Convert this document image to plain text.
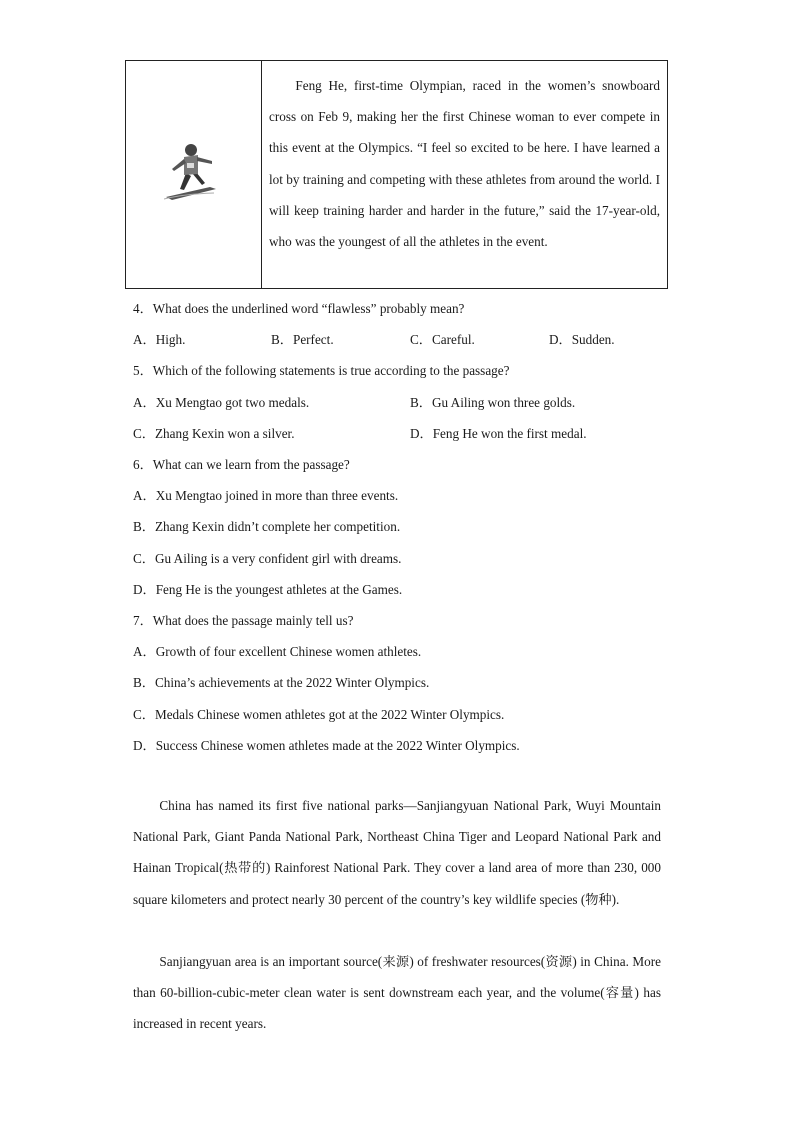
Feng He, first-time Olympian, raced in the women’s snowboard cross on Feb 9, making her the first Chinese woman to ever compete in this event at the Olympics. “I feel so excited to be here. I have learned a lot by training and competing with these athletes from around the world. I will keep training harder and harder in the future,” said the 17-year-old, who was the youngest of all the athletes in the event.

4．What does the underlined word “flawless” probably mean?
A．High.	B．Perfect.	C．Careful.	D．Sudden.
5．Which of the following statements is true according to the passage?
A．Xu Mengtao got two medals.	B．Gu Ailing won three golds.
C．Zhang Kexin won a silver.	D．Feng He won the first medal.
6．What can we learn from the passage?
A．Xu Mengtao joined in more than three events.
B．Zhang Kexin didn’t complete her competition.
C．Gu Ailing is a very confident girl with dreams.
D．Feng He is the youngest athletes at the Games.
7．What does the passage mainly tell us?
A．Growth of four excellent Chinese women athletes.
B．China’s achievements at the 2022 Winter Olympics.
C．Medals Chinese women athletes got at the 2022 Winter Olympics.
D．Success Chinese women athletes made at the 2022 Winter Olympics.

China has named its first five national parks—Sanjiangyuan National Park, Wuyi Mountain National Park, Giant Panda National Park, Northeast China Tiger and Leopard National Park and Hainan Tropical(热带的) Rainforest National Park. They cover a land area of more than 230, 000 square kilometers and protect nearly 30 percent of the country’s key wildlife species (物种).

Sanjiangyuan area is an important source(来源) of freshwater resources(资源) in China. More than 60-billion-cubic-meter clean water is sent downstream each year, and the volume(容量) has increased in recent years.
